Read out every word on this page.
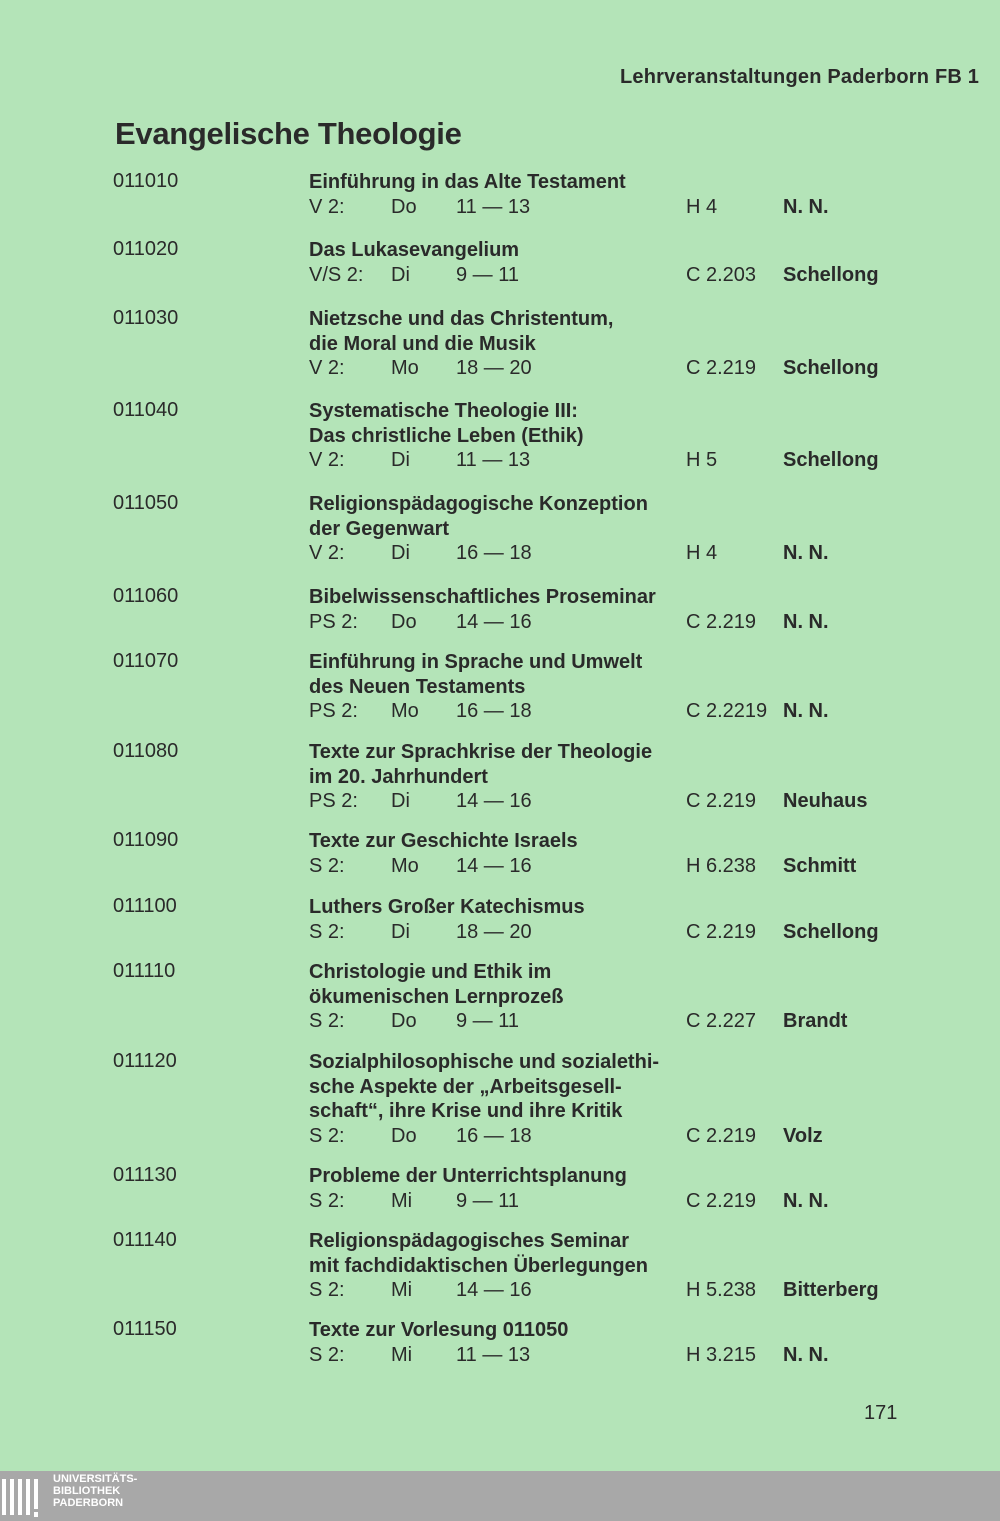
Lehrveranstaltungen Paderborn FB 1
Evangelische Theologie
011010	Einführung in das Alte Testament
V 2: Do 11 — 13	H 4	N. N.
011020	Das Lukasevangelium
V/S 2: Di 9 — 11	C 2.203 Schellong
011030	Nietzsche und das Christentum,
die Moral und die Musik
V 2: Mo 18 — 20	C 2.219 Schellong
011040	Systematische Theologie III:
Das christliche Leben (Ethik)
V 2: Di 11 — 13	H 5	Schellong
011050	Religionspädagogische Konzeption
der Gegenwart
V 2: Di 16 — 18	H 4	N. N.
011060	Bibelwissenschaftliches Proseminar
PS 2: Do 14 — 16	C 2.219 N. N.
011070	Einführung in Sprache und Umwelt
des Neuen Testaments
PS 2: Mo 16 — 18	C 2.2219 N. N.
011080	Texte zur Sprachkrise der Theologie
im 20. Jahrhundert
PS 2: Di 14 — 16	C 2.219 Neuhaus
011090	Texte zur Geschichte Israels
S 2: Mo 14 — 16	H 6.238 Schmitt
011100	Luthers Großer Katechismus
S 2: Di 18 — 20	C 2.219 Schellong
011110	Christologie und Ethik im
ökumenischen Lernprozeß
S 2: Do 9 — 11	C 2.227 Brandt
011120	Sozialphilosophische und sozialethi-
sche Aspekte der „Arbeitsgesell-
schaft“, ihre Krise und ihre Kritik
S 2: Do 16 — 18	C 2.219 Volz
011130	Probleme der Unterrichtsplanung
S 2: Mi 9 — 11	C 2.219 N. N.
011140	Religionspädagogisches Seminar
mit fachdidaktischen Überlegungen
S 2: Mi 14 — 16	H 5.238 Bitterberg
011150	Texte zur Vorlesung 011050
S 2: Mi 11 — 13	H 3.215 N. N.
171
UNIVERSITÄTS-
BIBLIOTHEK
PADERBORN
